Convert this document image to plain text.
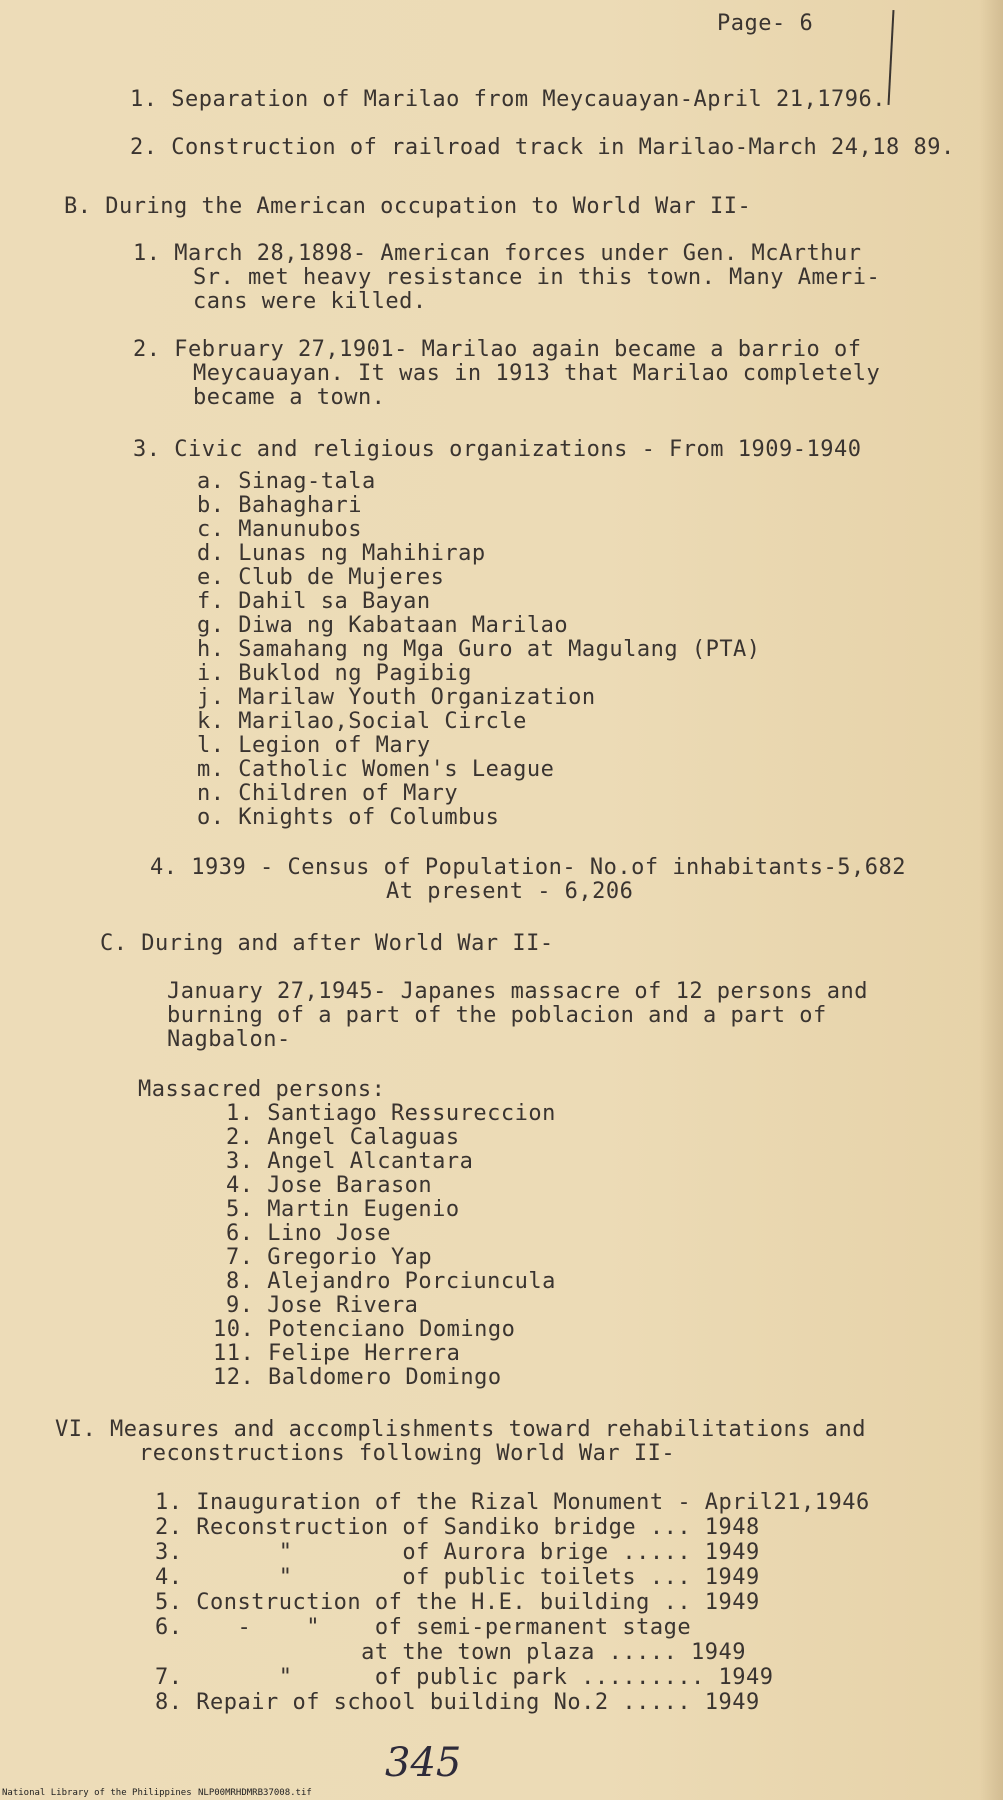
Page- 6
1. Separation of Marilao from Meycauayan-April 21,1796.
2. Construction of railroad track in Marilao-March 24,18 89.
B. During the American occupation to World War II-
1. March 28,1898- American forces under Gen. McArthur
Sr. met heavy resistance in this town. Many Ameri-
cans were killed.
2. February 27,1901- Marilao again became a barrio of
Meycauayan. It was in 1913 that Marilao completely
became a town.
3. Civic and religious organizations - From 1909-1940
a. Sinag-tala
b. Bahaghari
c. Manunubos
d. Lunas ng Mahihirap
e. Club de Mujeres
f. Dahil sa Bayan
g. Diwa ng Kabataan Marilao
h. Samahang ng Mga Guro at Magulang (PTA)
i. Buklod ng Pagibig
j. Marilaw Youth Organization
k. Marilao,Social Circle
l. Legion of Mary
m. Catholic Women's League
n. Children of Mary
o. Knights of Columbus
4. 1939 - Census of Population- No.of inhabitants-5,682
At present - 6,206
C. During and after World War II-
January 27,1945- Japanes massacre of 12 persons and
burning of a part of the poblacion and a part of
Nagbalon-
Massacred persons:
1. Santiago Ressureccion
2. Angel Calaguas
3. Angel Alcantara
4. Jose Barason
5. Martin Eugenio
6. Lino Jose
7. Gregorio Yap
8. Alejandro Porciuncula
9. Jose Rivera
10. Potenciano Domingo
11. Felipe Herrera
12. Baldomero Domingo
VI. Measures and accomplishments toward rehabilitations and
reconstructions following World War II-
1. Inauguration of the Rizal Monument - April21,1946
2. Reconstruction of Sandiko bridge ... 1948
3.       "        of Aurora brige ..... 1949
4.       "        of public toilets ... 1949
5. Construction of the H.E. building .. 1949
6.    -    "    of semi-permanent stage
at the town plaza ..... 1949
7.       "      of public park ......... 1949
8. Repair of school building No.2 ..... 1949
345
National Library of the Philippines NLP00MRHDMRB37008.tif
